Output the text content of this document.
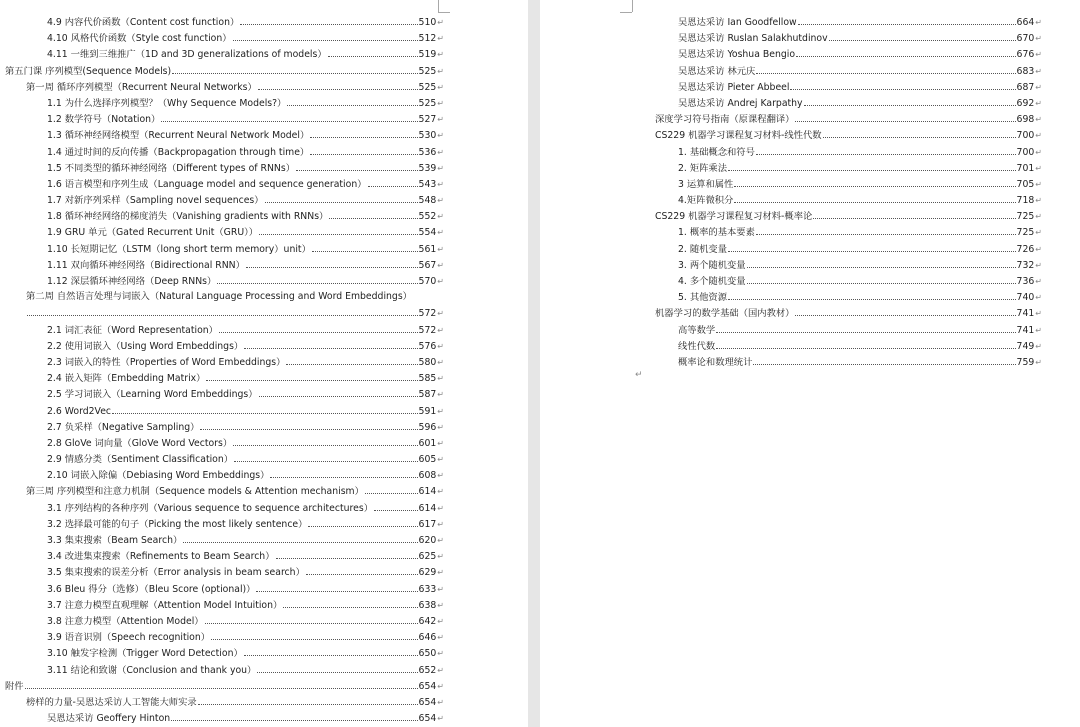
4.9 内容代价函数（Content cost function）	510 ↵
4.10 风格代价函数（Style cost function）	512 ↵
4.11 一维到三维推广（1D and 3D generalizations of models）	519 ↵
第五门课 序列模型(Sequence Models)	525 ↵
第一周 循环序列模型（Recurrent Neural Networks）	525 ↵
1.1 为什么选择序列模型？（Why Sequence Models?）	525 ↵
1.2 数学符号（Notation）	527 ↵
1.3 循环神经网络模型（Recurrent Neural Network Model）	530 ↵
1.4 通过时间的反向传播（Backpropagation through time）	536 ↵
1.5 不同类型的循环神经网络（Different types of RNNs）	539 ↵
1.6 语言模型和序列生成（Language model and sequence generation）	543 ↵
1.7 对新序列采样（Sampling novel sequences）	548 ↵
1.8 循环神经网络的梯度消失（Vanishing gradients with RNNs）	552 ↵
1.9 GRU 单元（Gated Recurrent Unit（GRU））	554 ↵
1.10 长短期记忆（LSTM（long short term memory）unit）	561 ↵
1.11 双向循环神经网络（Bidirectional RNN）	567 ↵
1.12 深层循环神经网络（Deep RNNs）	570 ↵
第二周 自然语言处理与词嵌入（Natural Language Processing and Word Embeddings）
572 ↵
2.1 词汇表征（Word Representation）	572 ↵
2.2 使用词嵌入（Using Word Embeddings）	576 ↵
2.3 词嵌入的特性（Properties of Word Embeddings）	580 ↵
2.4 嵌入矩阵（Embedding Matrix）	585 ↵
2.5 学习词嵌入（Learning Word Embeddings）	587 ↵
2.6 Word2Vec	591 ↵
2.7 负采样（Negative Sampling）	596 ↵
2.8 GloVe 词向量（GloVe Word Vectors）	601 ↵
2.9 情感分类（Sentiment Classification）	605 ↵
2.10 词嵌入除偏（Debiasing Word Embeddings）	608 ↵
第三周 序列模型和注意力机制（Sequence models & Attention mechanism）	614 ↵
3.1 序列结构的各种序列（Various sequence to sequence architectures）	614 ↵
3.2 选择最可能的句子（Picking the most likely sentence）	617 ↵
3.3 集束搜索（Beam Search）	620 ↵
3.4 改进集束搜索（Refinements to Beam Search）	625 ↵
3.5 集束搜索的误差分析（Error analysis in beam search）	629 ↵
3.6 Bleu 得分（选修）（Bleu Score (optional)）	633 ↵
3.7 注意力模型直观理解（Attention Model Intuition）	638 ↵
3.8 注意力模型（Attention Model）	642 ↵
3.9 语音识别（Speech recognition）	646 ↵
3.10 触发字检测（Trigger Word Detection）	650 ↵
3.11 结论和致谢（Conclusion and thank you）	652 ↵
附件	654 ↵
榜样的力量-吴恩达采访人工智能大师实录	654 ↵
吴恩达采访 Geoffery Hinton	654 ↵
吴恩达采访 Ian Goodfellow	664 ↵
吴恩达采访 Ruslan Salakhutdinov	670 ↵
吴恩达采访 Yoshua Bengio	676 ↵
吴恩达采访 林元庆	683 ↵
吴恩达采访 Pieter Abbeel	687 ↵
吴恩达采访 Andrej Karpathy	692 ↵
深度学习符号指南（原课程翻译）	698 ↵
CS229 机器学习课程复习材料-线性代数	700 ↵
1. 基础概念和符号	700 ↵
2. 矩阵乘法	701 ↵
3 运算和属性	705 ↵
4.矩阵微积分	718 ↵
CS229 机器学习课程复习材料-概率论	725 ↵
1. 概率的基本要素	725 ↵
2. 随机变量	726 ↵
3. 两个随机变量	732 ↵
4. 多个随机变量	736 ↵
5. 其他资源	740 ↵
机器学习的数学基础（国内教材）	741 ↵
高等数学	741 ↵
线性代数	749 ↵
概率论和数理统计	759 ↵
↵
